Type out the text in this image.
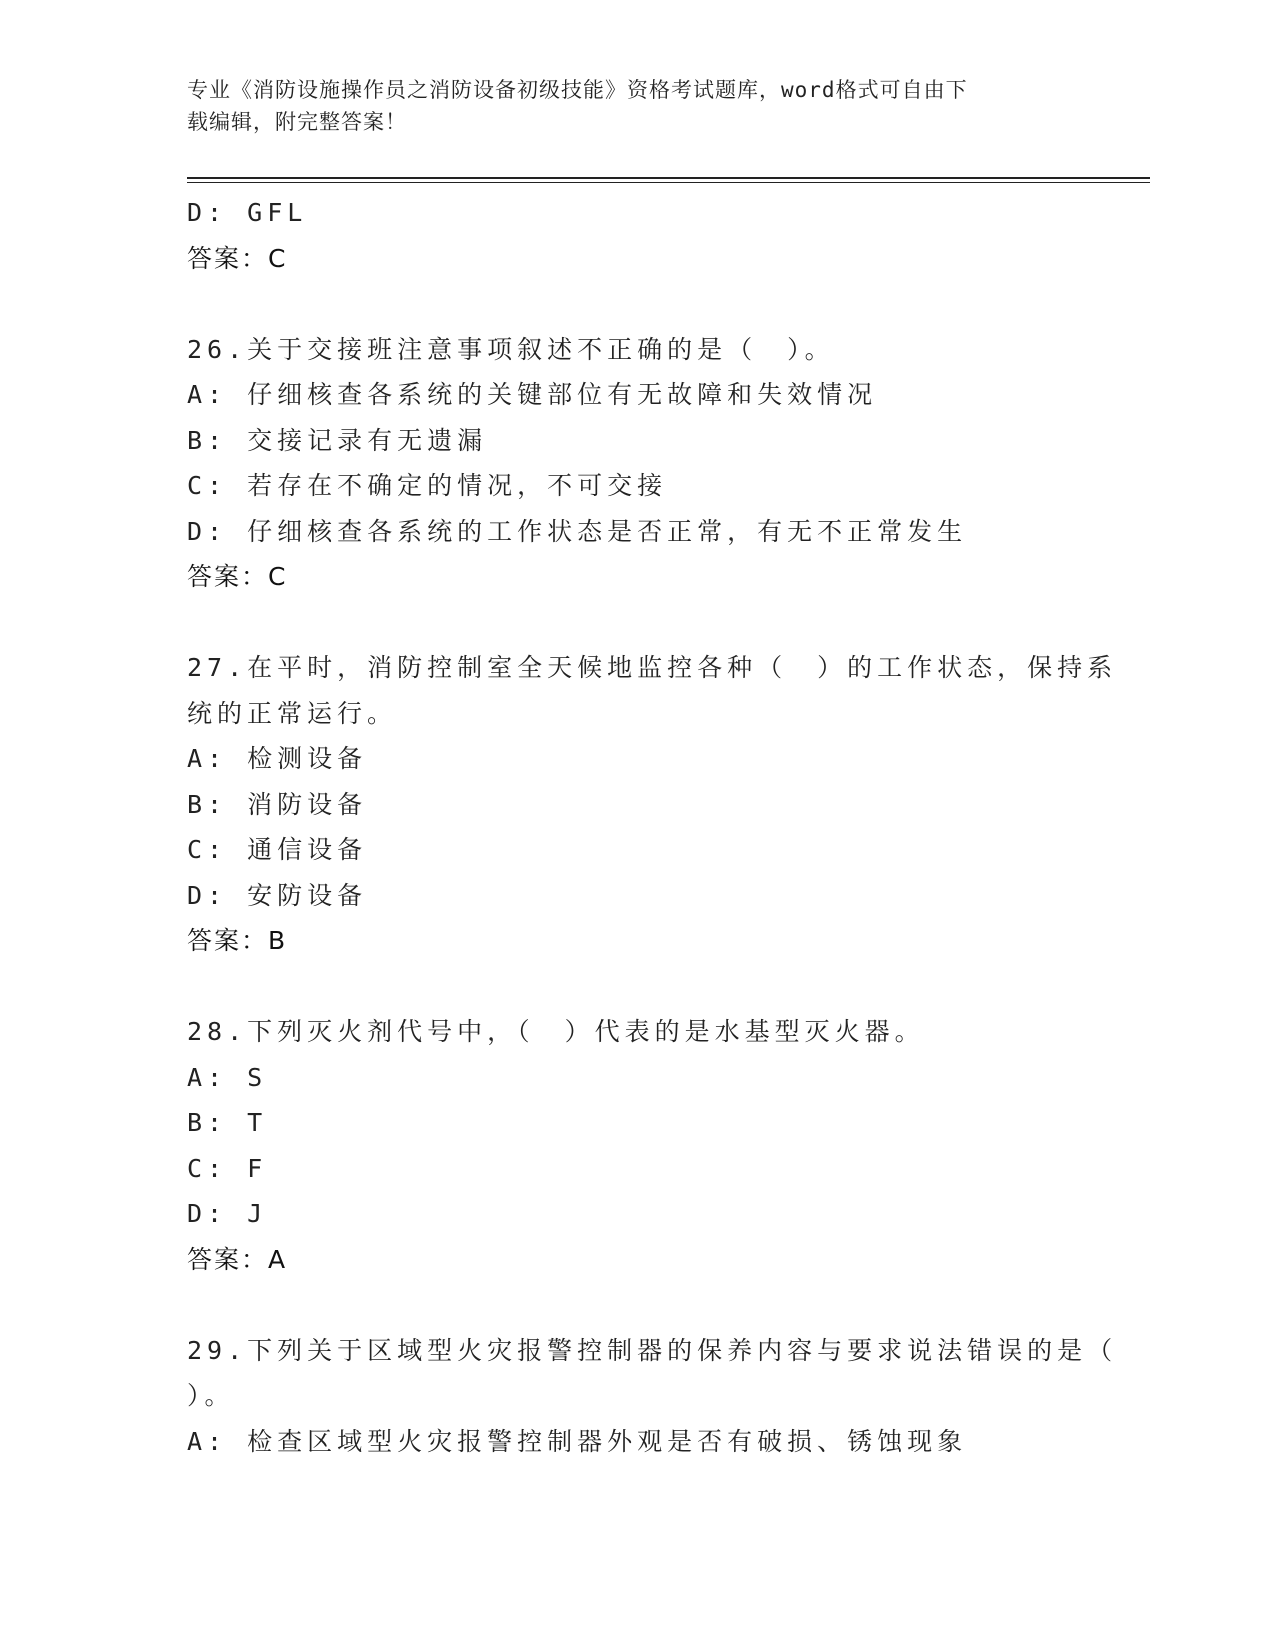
专业《消防设施操作员之消防设备初级技能》资格考试题库，word格式可自由下
载编辑，附完整答案！
D: GFL
答案：C
26.关于交接班注意事项叙述不正确的是（　）。
A: 仔细核查各系统的关键部位有无故障和失效情况
B: 交接记录有无遗漏
C: 若存在不确定的情况，不可交接
D: 仔细核查各系统的工作状态是否正常，有无不正常发生
答案：C
27.在平时，消防控制室全天候地监控各种（　）的工作状态，保持系
统的正常运行。
A: 检测设备
B: 消防设备
C: 通信设备
D: 安防设备
答案：B
28.下列灭火剂代号中，（　）代表的是水基型灭火器。
A: S
B: T
C: F
D: J
答案：A
29.下列关于区域型火灾报警控制器的保养内容与要求说法错误的是（
）。
A: 检查区域型火灾报警控制器外观是否有破损、锈蚀现象
